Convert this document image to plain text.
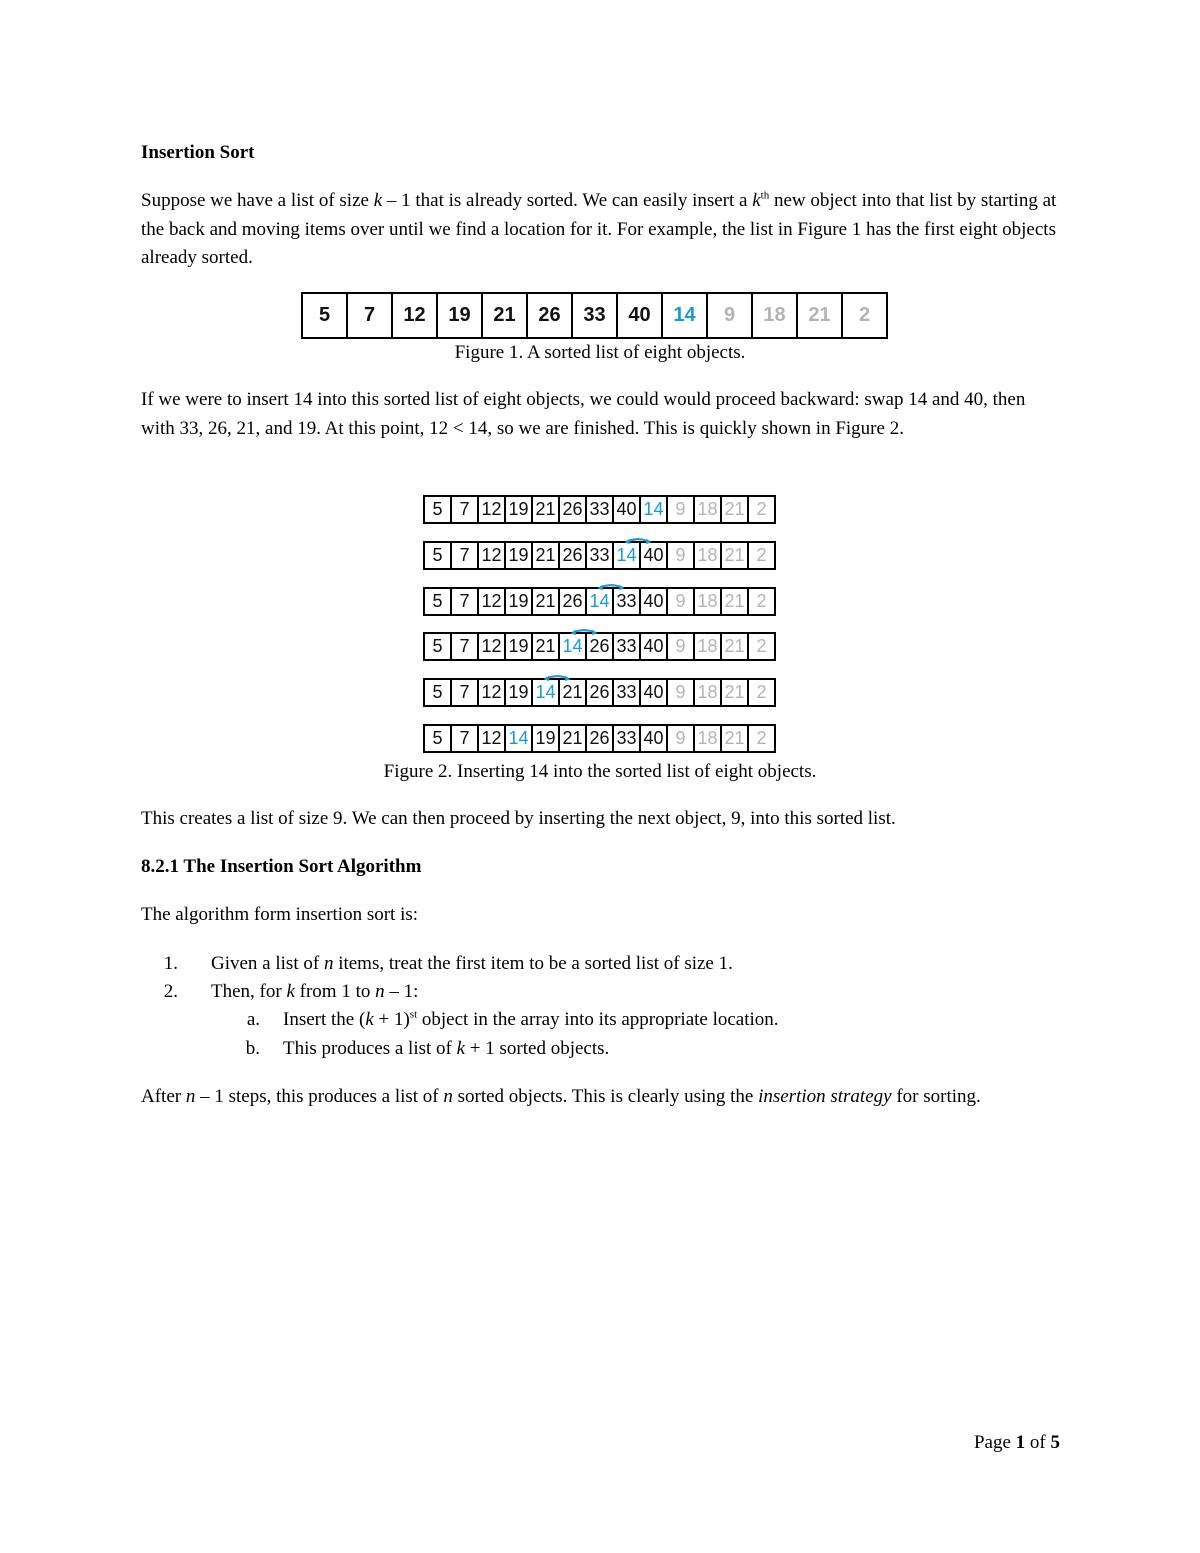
Insertion Sort
Suppose we have a list of size k – 1 that is already sorted. We can easily insert a $k^{th}$ new object into that list by starting at the back and moving items over until we find a location for it. For example, the list in Figure 1 has the first eight objects already sorted.
5	7	12	19	21	26	33	40	14	9	18	21	2
Figure 1. A sorted list of eight objects.
If we were to insert 14 into this sorted list of eight objects, we could would proceed backward: swap 14 and 40, then with 33, 26, 21, and 19. At this point, 12 < 14, so we are finished. This is quickly shown in Figure 2.
5 7 12 19 21 26 33 40 14 9 18 21 2
5 7 12 19 21 26 33 14 40 9 18 21 2
5 7 12 19 21 26 14 33 40 9 18 21 2
5 7 12 19 21 14 26 33 40 9 18 21 2
5 7 12 19 14 21 26 33 40 9 18 21 2
5 7 12 14 19 21 26 33 40 9 18 21 2
Figure 2. Inserting 14 into the sorted list of eight objects.
This creates a list of size 9. We can then proceed by inserting the next object, 9, into this sorted list.
8.2.1 The Insertion Sort Algorithm
The algorithm form insertion sort is:
1. Given a list of n items, treat the first item to be a sorted list of size 1.
2. Then, for k from 1 to n – 1:
a. Insert the $(k + 1)^{st}$ object in the array into its appropriate location.
b. This produces a list of k + 1 sorted objects.
After n – 1 steps, this produces a list of n sorted objects. This is clearly using the insertion strategy for sorting.
Page 1 of 5
